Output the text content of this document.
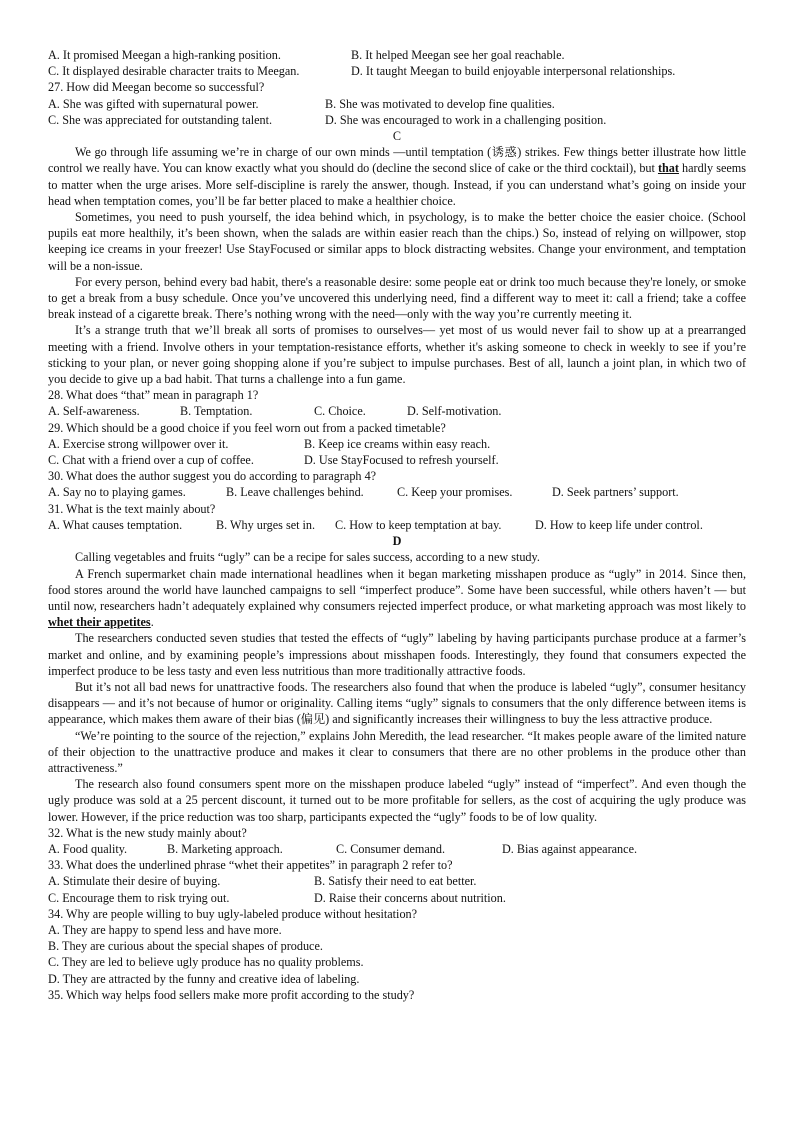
A. It promised Meegan a high-ranking position.	B. It helped Meegan see her goal reachable.
C. It displayed desirable character traits to Meegan.	D. It taught Meegan to build enjoyable interpersonal relationships.

27. How did Meegan become so successful?

A. She was gifted with supernatural power.	B. She was motivated to develop fine qualities.
C. She was appreciated for outstanding talent.	D. She was encouraged to work in a challenging position.

C

We go through life assuming we’re in charge of our own minds —until temptation (诱惑) strikes. Few things better illustrate how little control we really have. You can know exactly what you should do (decline the second slice of cake or the third cocktail), but that hardly seems to matter when the urge arises. More self-discipline is rarely the answer, though. Instead, if you can understand what’s going on inside your head when temptation comes, you’ll be far better placed to make a healthier choice.

Sometimes, you need to push yourself, the idea behind which, in psychology, is to make the better choice the easier choice. (School pupils eat more healthily, it’s been shown, when the salads are within easier reach than the chips.) So, instead of relying on willpower, stop keeping ice creams in your freezer! Use StayFocused or similar apps to block distracting websites. Change your environment, and temptation will be a non-issue.

For every person, behind every bad habit, there's a reasonable desire: some people eat or drink too much because they're lonely, or smoke to get a break from a busy schedule. Once you’ve uncovered this underlying need, find a different way to meet it: call a friend; take a coffee break instead of a cigarette break. There’s nothing wrong with the need—only with the way you’re currently meeting it.

It’s a strange truth that we’ll break all sorts of promises to ourselves— yet most of us would never fail to show up at a prearranged meeting with a friend. Involve others in your temptation-resistance efforts, whether it's asking someone to check in weekly to see if you’re sticking to your plan, or never going shopping alone if you’re subject to impulse purchases. Best of all, launch a joint plan, in which two of you decide to give up a bad habit. That turns a challenge into a fun game.

28. What does “that” mean in paragraph 1?

A. Self-awareness.	B. Temptation.	C. Choice.	D. Self-motivation.

29. Which should be a good choice if you feel worn out from a packed timetable?

A. Exercise strong willpower over it.	B. Keep ice creams within easy reach.
C. Chat with a friend over a cup of coffee.	D. Use StayFocused to refresh yourself.

30. What does the author suggest you do according to paragraph 4?

A. Say no to playing games.	B. Leave challenges behind.	C. Keep your promises.	D. Seek partners’ support.

31. What is the text mainly about?

A. What causes temptation.	B. Why urges set in.	C. How to keep temptation at bay.	D. How to keep life under control.

D

Calling vegetables and fruits “ugly” can be a recipe for sales success, according to a new study.

A French supermarket chain made international headlines when it began marketing misshapen produce as “ugly” in 2014. Since then, food stores around the world have launched campaigns to sell “imperfect produce”. Some have been successful, while others haven’t — but until now, researchers hadn’t adequately explained why consumers rejected imperfect produce, or what marketing approach was most likely to whet their appetites.

The researchers conducted seven studies that tested the effects of “ugly” labeling by having participants purchase produce at a farmer’s market and online, and by examining people’s impressions about misshapen foods. Interestingly, they found that consumers expected the imperfect produce to be less tasty and even less nutritious than more traditionally attractive foods.

But it’s not all bad news for unattractive foods. The researchers also found that when the produce is labeled “ugly”, consumer hesitancy disappears — and it’s not because of humor or originality. Calling items “ugly” signals to consumers that the only difference between items is appearance, which makes them aware of their bias (偏见) and significantly increases their willingness to buy the less attractive produce.

“We’re pointing to the source of the rejection,” explains John Meredith, the lead researcher. “It makes people aware of the limited nature of their objection to the unattractive produce and makes it clear to consumers that there are no other problems in the produce other than attractiveness.”

The research also found consumers spent more on the misshapen produce labeled “ugly” instead of “imperfect”. And even though the ugly produce was sold at a 25 percent discount, it turned out to be more profitable for sellers, as the cost of acquiring the ugly produce was lower. However, if the price reduction was too sharp, participants expected the “ugly” foods to be of low quality.

32. What is the new study mainly about?

A. Food quality.	B. Marketing approach.	C. Consumer demand.	D. Bias against appearance.

33. What does the underlined phrase “whet their appetites” in paragraph 2 refer to?

A. Stimulate their desire of buying.	B. Satisfy their need to eat better.
C. Encourage them to risk trying out.	D. Raise their concerns about nutrition.

34. Why are people willing to buy ugly-labeled produce without hesitation?

A. They are happy to spend less and have more.

B. They are curious about the special shapes of produce.

C. They are led to believe ugly produce has no quality problems.

D. They are attracted by the funny and creative idea of labeling.

35. Which way helps food sellers make more profit according to the study?
